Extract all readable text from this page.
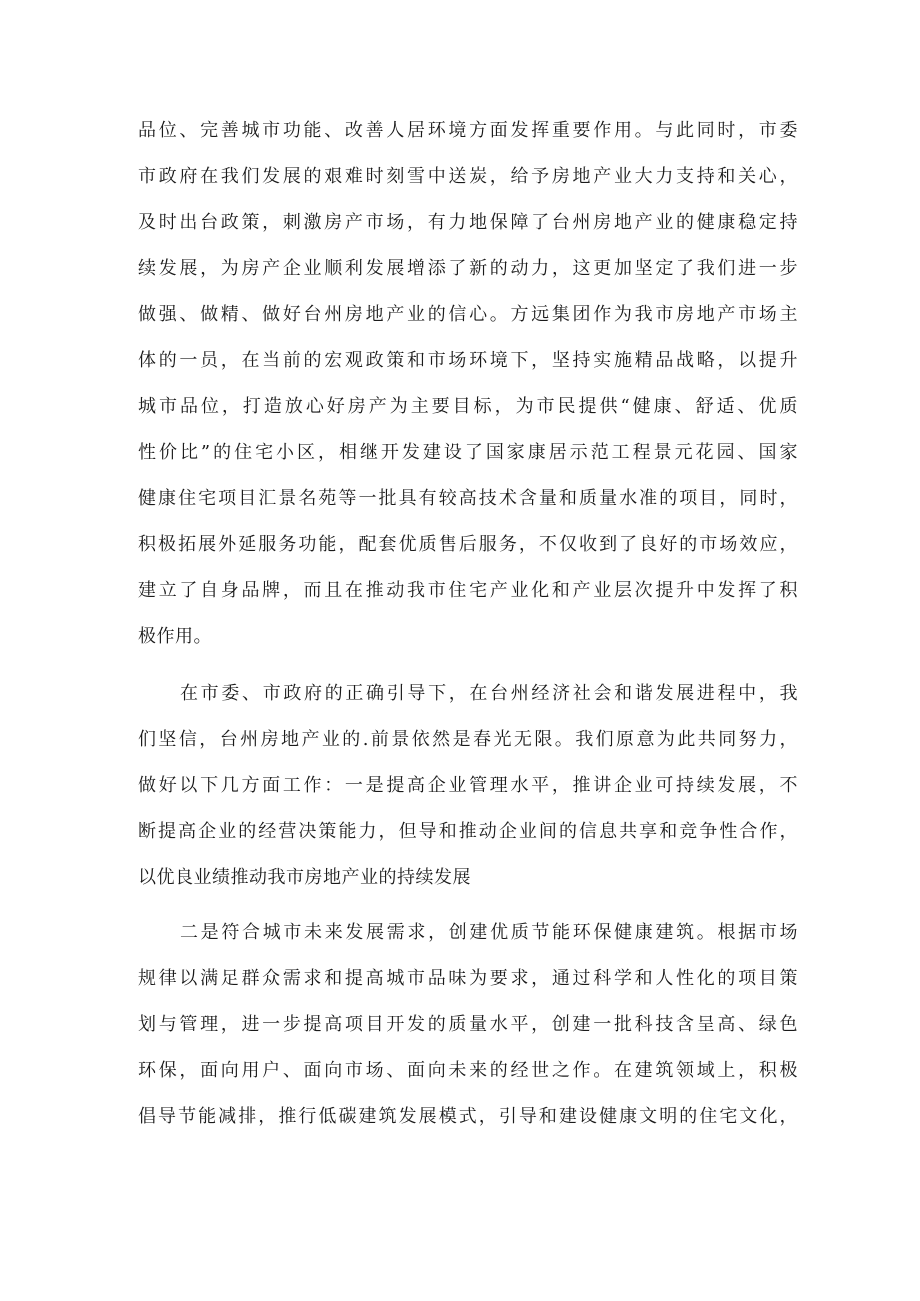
品位、完善城市功能、改善人居环境方面发挥重要作用。与此同时，市委
市政府在我们发展的艰难时刻雪中送炭，给予房地产业大力支持和关心，
及时出台政策，刺激房产市场，有力地保障了台州房地产业的健康稳定持
续发展，为房产企业顺利发展增添了新的动力，这更加坚定了我们进一步
做强、做精、做好台州房地产业的信心。方远集团作为我市房地产市场主
体的一员，在当前的宏观政策和市场环境下，坚持实施精品战略，以提升
城市品位，打造放心好房产为主要目标，为市民提供“健康、舒适、优质
性价比”的住宅小区，相继开发建设了国家康居示范工程景元花园、国家
健康住宅项目汇景名苑等一批具有较高技术含量和质量水准的项目，同时，
积极拓展外延服务功能，配套优质售后服务，不仅收到了良好的市场效应，
建立了自身品牌，而且在推动我市住宅产业化和产业层次提升中发挥了积
极作用。
在市委、市政府的正确引导下，在台州经济社会和谐发展进程中，我
们坚信，台州房地产业的.前景依然是春光无限。我们原意为此共同努力，
做好以下几方面工作：一是提高企业管理水平，推讲企业可持续发展，不
断提高企业的经营决策能力，但导和推动企业间的信息共享和竞争性合作，
以优良业绩推动我市房地产业的持续发展
二是符合城市未来发展需求，创建优质节能环保健康建筑。根据市场
规律以满足群众需求和提高城市品味为要求，通过科学和人性化的项目策
划与管理，进一步提高项目开发的质量水平，创建一批科技含呈高、绿色
环保，面向用户、面向市场、面向未来的经世之作。在建筑领域上，积极
倡导节能减排，推行低碳建筑发展模式，引导和建设健康文明的住宅文化，
